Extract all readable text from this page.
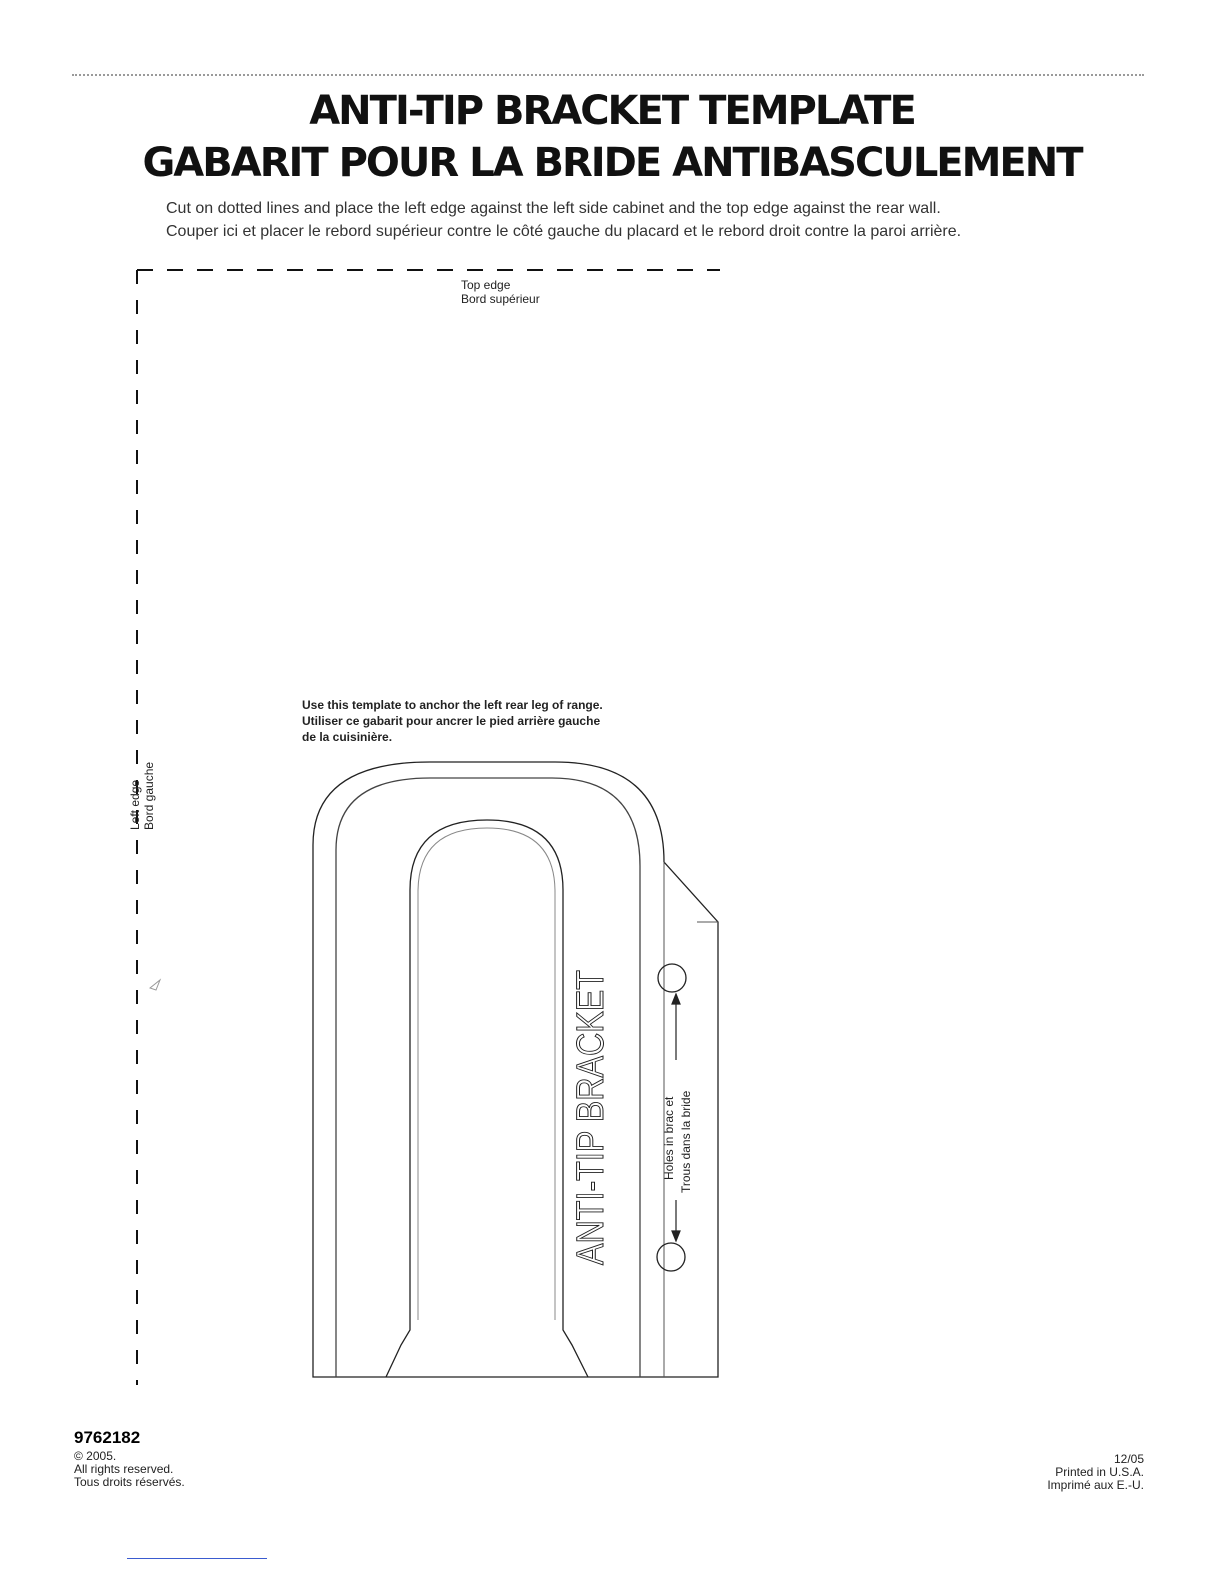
ANTI-TIP BRACKET TEMPLATE
GABARIT POUR LA BRIDE ANTIBASCULEMENT
Cut on dotted lines and place the left edge against the left side cabinet and the top edge against the rear wall.
Couper ici et placer le rebord supérieur contre le côté gauche du placard et le rebord droit contre la paroi arrière.
ANTI-TIP BRACKET	Holes in brac et Trous dans la bride
Top edge
Bord supérieur
Left edge Bord gauche
Use this template to anchor the left rear leg of range.
Utiliser ce gabarit pour ancrer le pied arrière gauche
de la cuisinière.
9762182
© 2005.
All rights reserved.
Tous droits réservés.
12/05
Printed in U.S.A.
Imprimé aux E.-U.
